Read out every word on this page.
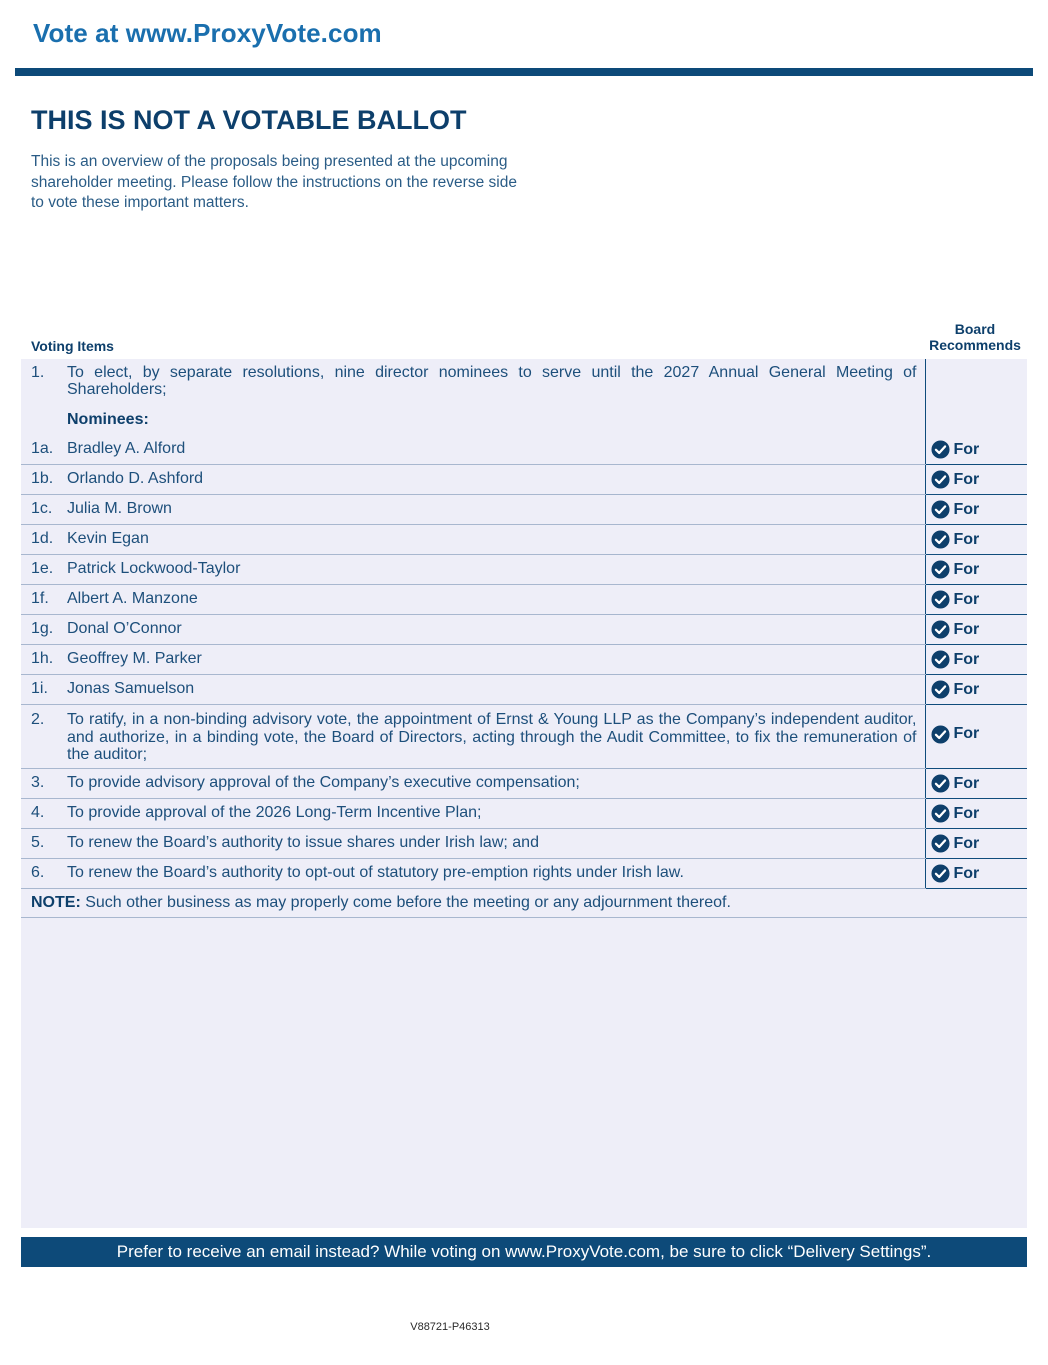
Vote at www.ProxyVote.com
THIS IS NOT A VOTABLE BALLOT
This is an overview of the proposals being presented at the upcoming shareholder meeting. Please follow the instructions on the reverse side to vote these important matters.
Voting Items
Board
Recommends
1.	To elect, by separate resolutions, nine director nominees to serve until the 2027 Annual General Meeting of Shareholders;	
	Nominees:	
1a.	Bradley A. Alford	For

1b.	Orlando D. Ashford	For

1c.	Julia M. Brown	For

1d.	Kevin Egan	For

1e.	Patrick Lockwood-Taylor	For

1f.	Albert A. Manzone	For

1g.	Donal O’Connor	For

1h.	Geoffrey M. Parker	For

1i.	Jonas Samuelson	For

2.	To ratify, in a non-binding advisory vote, the appointment of Ernst & Young LLP as the Company’s independent auditor, and authorize, in a binding vote, the Board of Directors, acting through the Audit Committee, to fix the remuneration of the auditor;	For

3.	To provide advisory approval of the Company’s executive compensation;	For

4.	To provide approval of the 2026 Long-Term Incentive Plan;	For

5.	To renew the Board’s authority to issue shares under Irish law; and	For

6.	To renew the Board’s authority to opt-out of statutory pre-emption rights under Irish law.	For

NOTE: Such other business as may properly come before the meeting or any adjournment thereof.		
Prefer to receive an email instead? While voting on www.ProxyVote.com, be sure to click “Delivery Settings”.
V88721-P46313
